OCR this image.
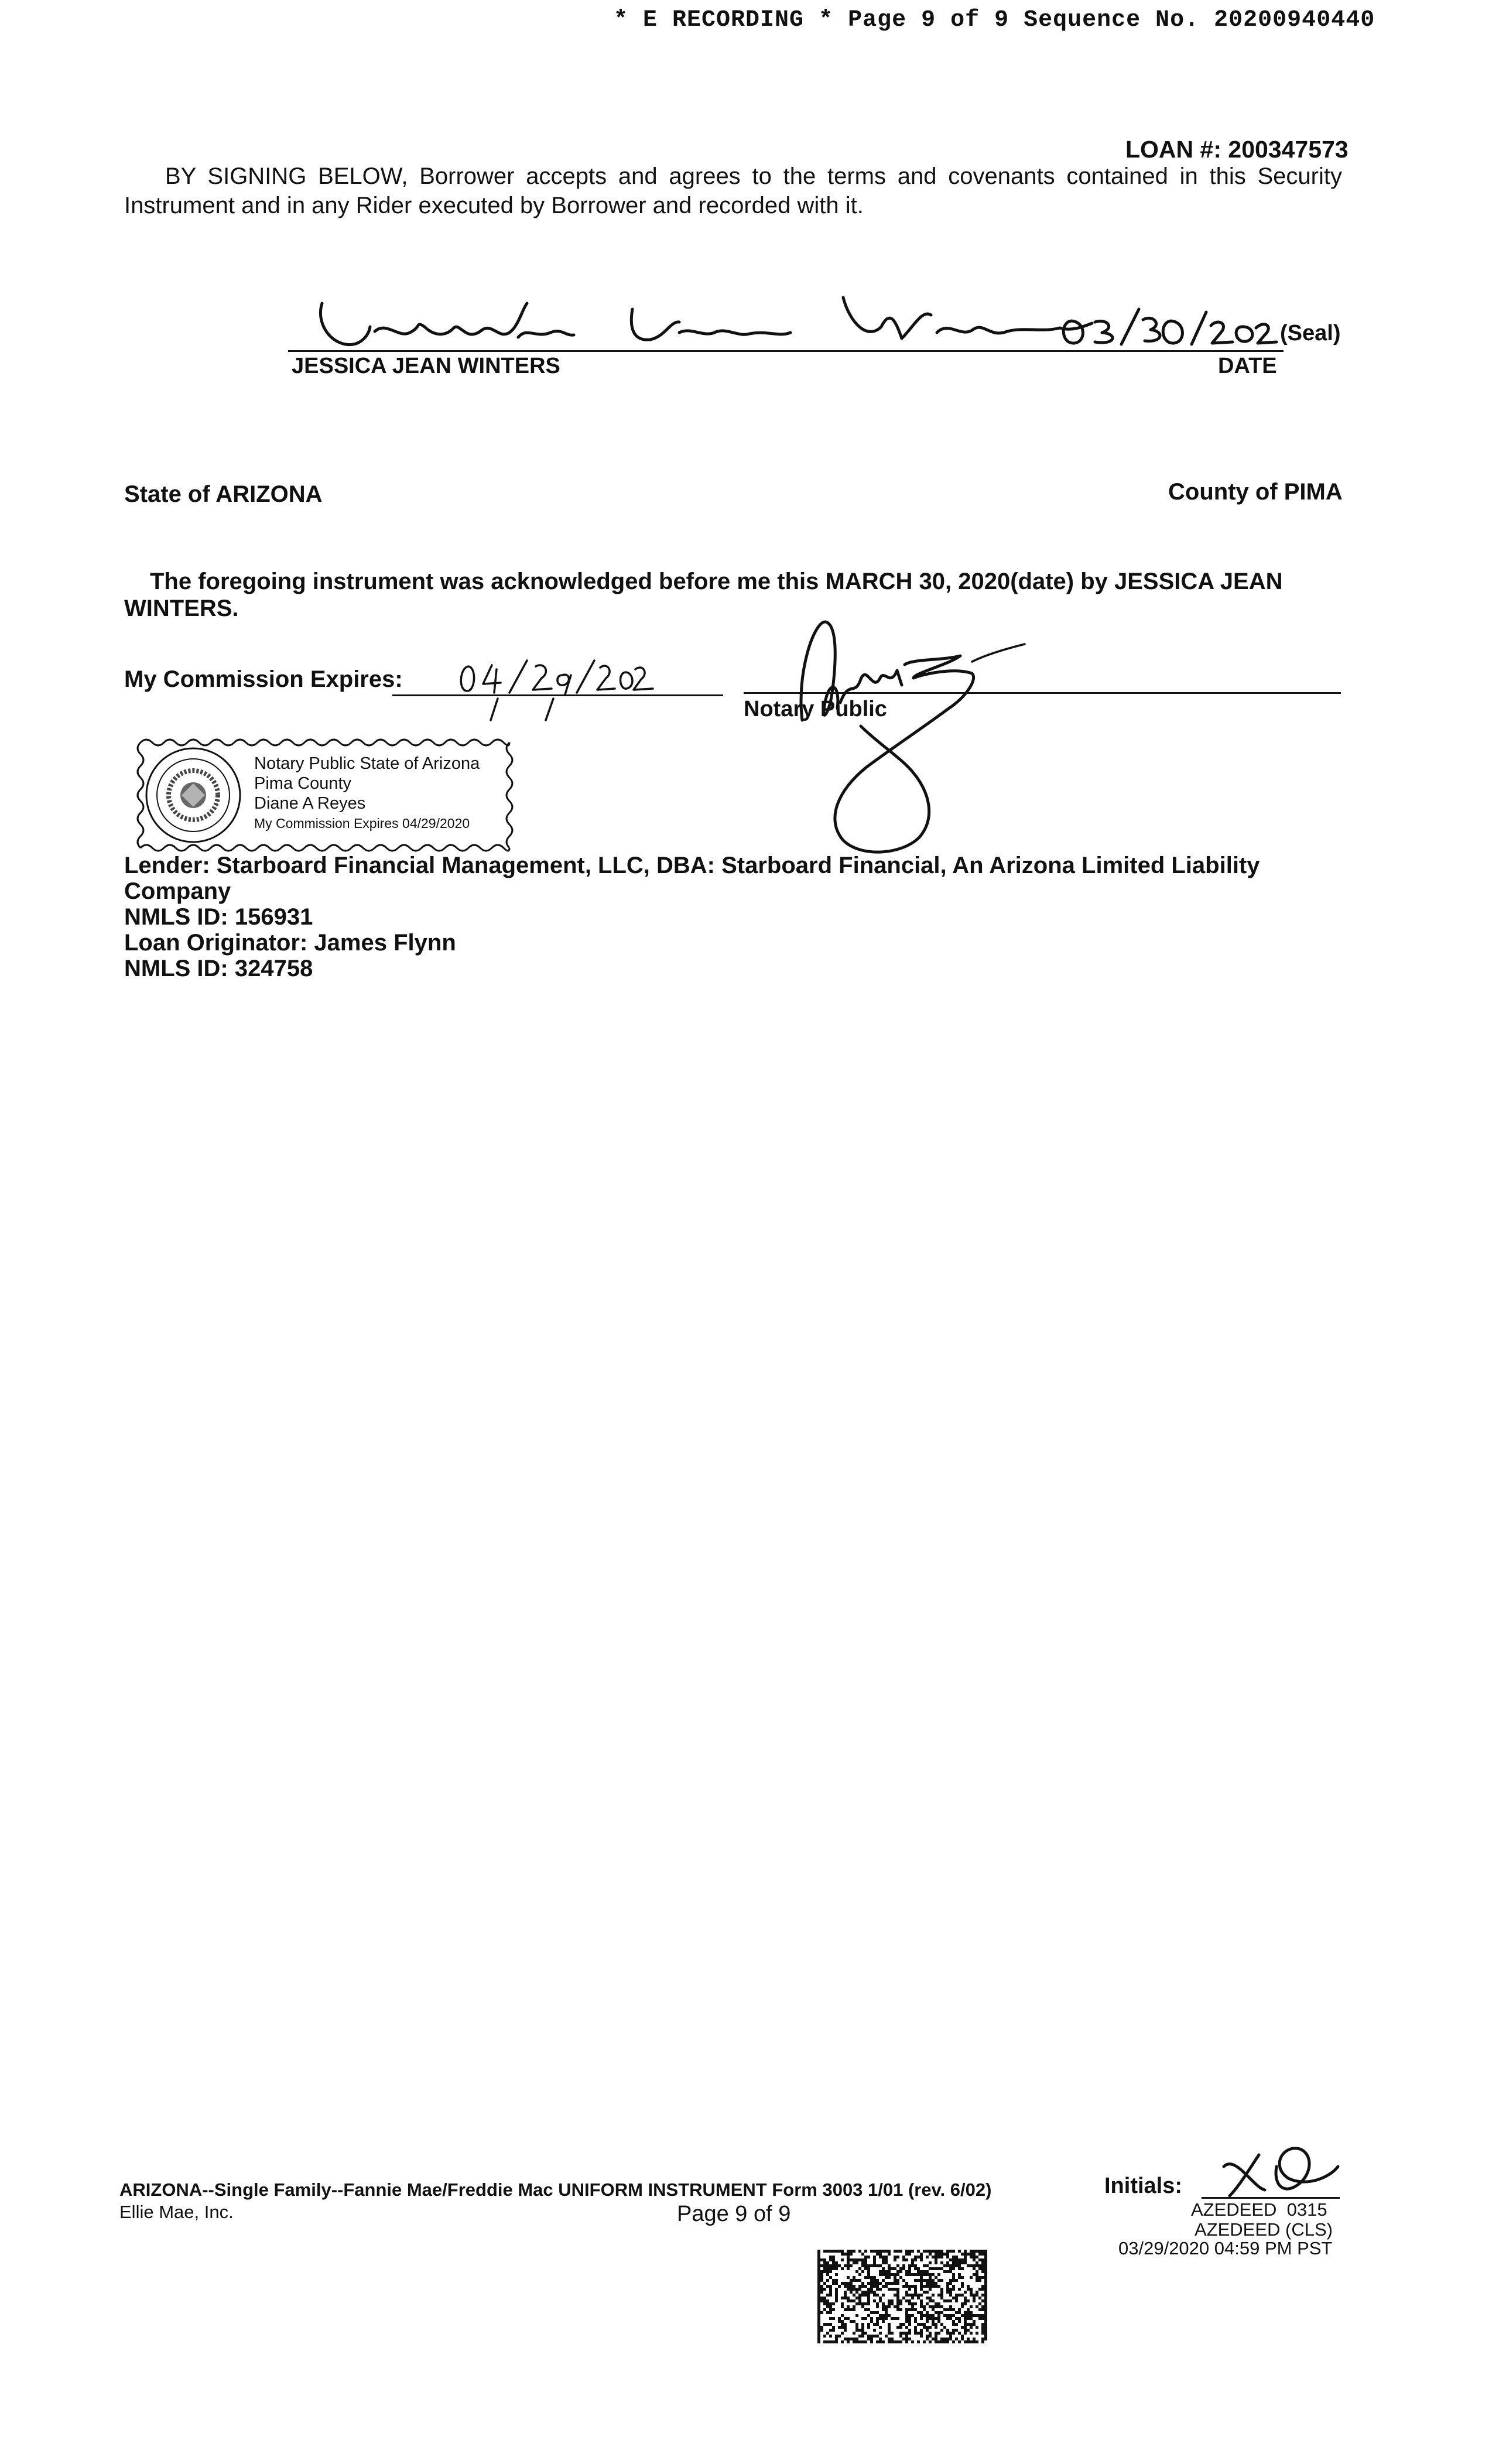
* E RECORDING * Page 9 of 9 Sequence No. 20200940440
LOAN #: 200347573
BY SIGNING BELOW, Borrower accepts and agrees to the terms and covenants contained in this Security
Instrument and in any Rider executed by Borrower and recorded with it.
(Seal)
JESSICA JEAN WINTERS	DATE
State of ARIZONA	County of PIMA
The foregoing instrument was acknowledged before me this MARCH 30, 2020(date) by JESSICA JEAN
WINTERS.
My Commission Expires:
Notary Public
Notary Public State of Arizona
Pima County
Diane A Reyes
My Commission Expires 04/29/2020
Lender: Starboard Financial Management, LLC, DBA: Starboard Financial, An Arizona Limited Liability
Company
NMLS ID: 156931
Loan Originator: James Flynn
NMLS ID: 324758
ARIZONA--Single Family--Fannie Mae/Freddie Mac UNIFORM INSTRUMENT Form 3003 1/01 (rev. 6/02)
Ellie Mae, Inc.	Page 9 of 9
Initials:
AZEDEED  0315
AZEDEED (CLS)
03/29/2020 04:59 PM PST
